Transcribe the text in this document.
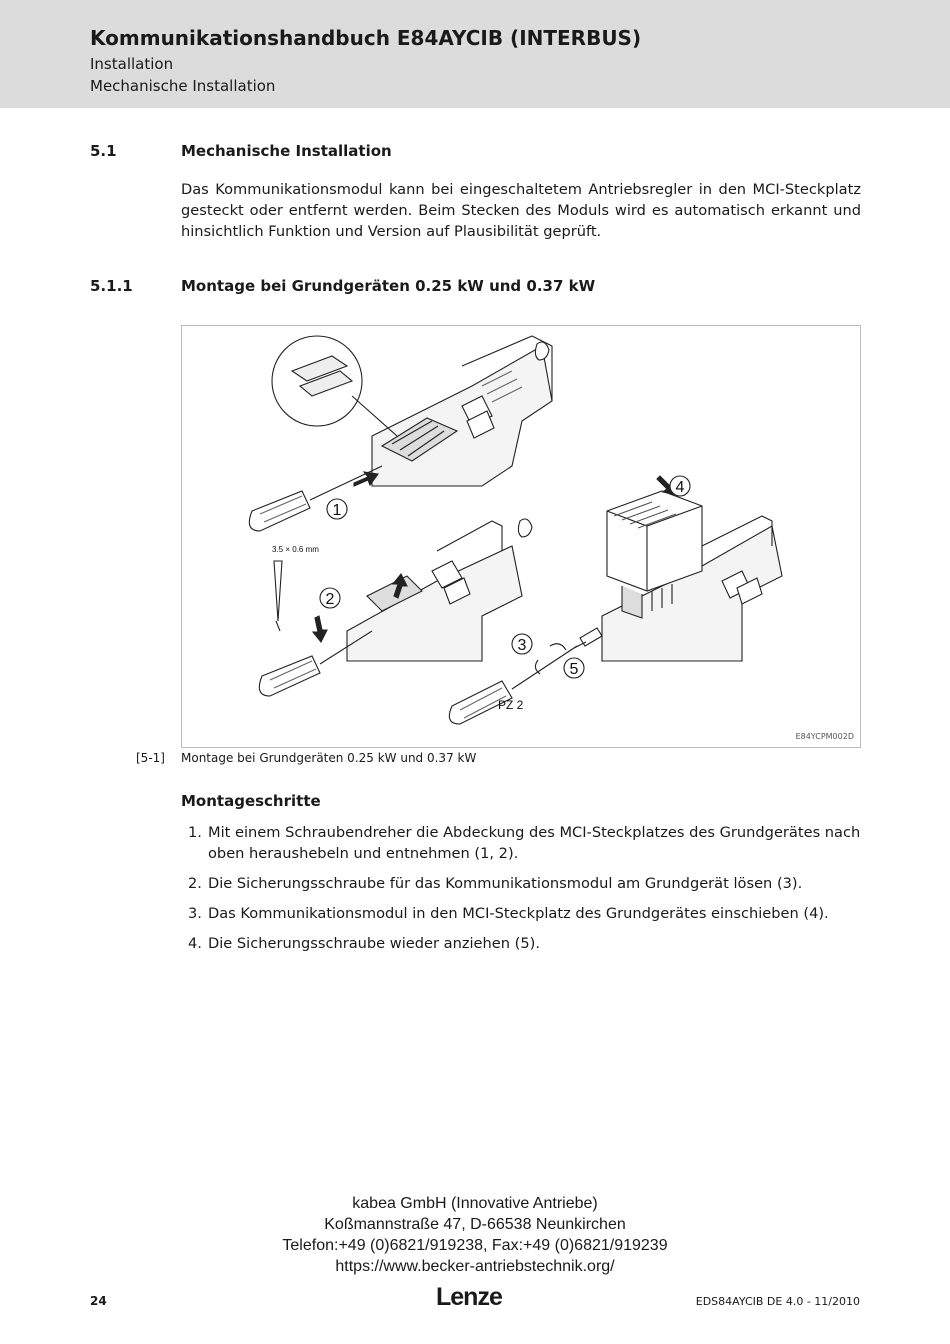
Kommunikationshandbuch E84AYCIB (INTERBUS)
Installation
Mechanische Installation
5.1	Mechanische Installation

Das Kommunikationsmodul kann bei eingeschaltetem Antriebsregler in den MCI-Steckplatz gesteckt oder entfernt werden. Beim Stecken des Moduls wird es automatisch erkannt und hinsichtlich Funktion und Version auf Plausibilität geprüft.

5.1.1	Montage bei Grundgeräten 0.25 kW und 0.37 kW
1
2
3
4
5
3.5 × 0.6 mm
PZ 2
E84YCPM002D
[5-1] Montage bei Grundgeräten 0.25 kW und 0.37 kW
Montageschritte
1. Mit einem Schraubendreher die Abdeckung des MCI-Steckplatzes des Grundgerätes nach oben heraushebeln und entnehmen (1, 2).
2. Die Sicherungsschraube für das Kommunikationsmodul am Grundgerät lösen (3).
3. Das Kommunikationsmodul in den MCI-Steckplatz des Grundgerätes einschieben (4).
4. Die Sicherungsschraube wieder anziehen (5).
kabea GmbH (Innovative Antriebe)
Koßmannstraße 47, D-66538 Neunkirchen
Telefon:+49 (0)6821/919238, Fax:+49 (0)6821/919239
https://www.becker-antriebstechnik.org/
24	Lenze	EDS84AYCIB DE 4.0 - 11/2010
